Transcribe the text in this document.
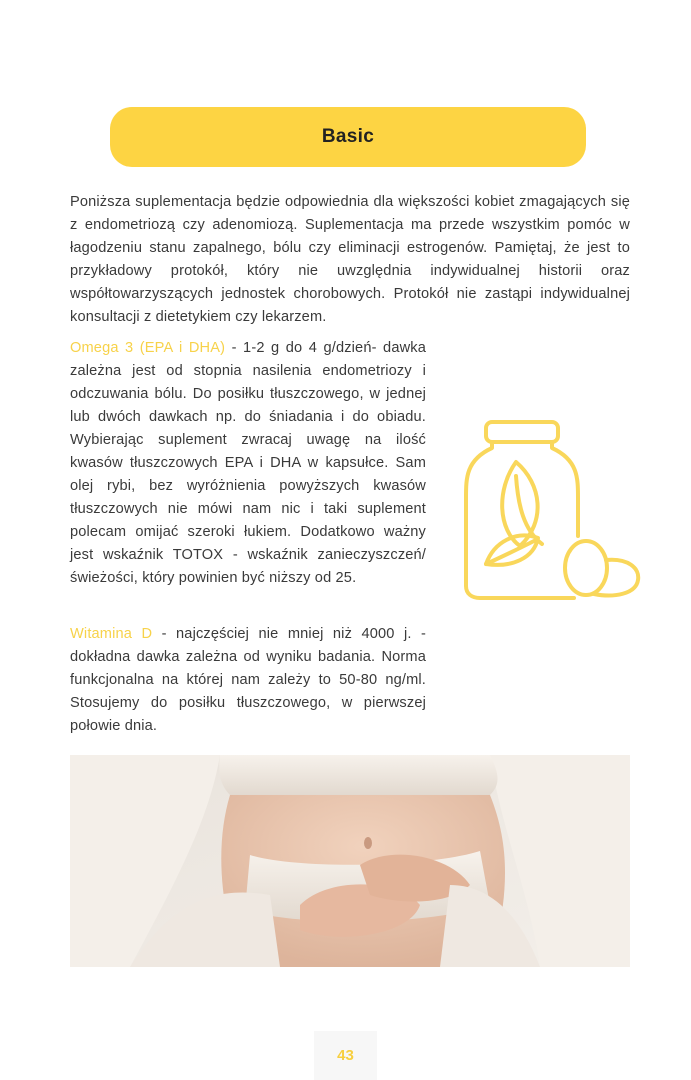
Basic

Poniższa suplementacja będzie odpowiednia dla większości kobiet zmagających się z endometriozą czy adenomiozą. Suplementacja ma przede wszystkim pomóc w łagodzeniu stanu zapalnego, bólu czy eliminacji estrogenów. Pamiętaj, że jest to przykładowy protokół, który nie uwzględnia indywidualnej historii oraz współtowarzyszących jednostek chorobowych. Protokół nie zastąpi indywidualnej konsultacji z dietetykiem czy lekarzem.

Omega 3 (EPA i DHA) - 1-2 g do 4 g/dzień- dawka zależna jest od stopnia nasilenia endometriozy i odczuwania bólu. Do posiłku tłuszczowego, w jednej lub dwóch dawkach np. do śniadania i do obiadu. Wybierając suplement zwracaj uwagę na ilość kwasów tłuszczowych EPA i DHA w kapsułce. Sam olej rybi, bez wyróżnienia powyższych kwasów tłuszczowych nie mówi nam nic i taki suplement polecam omijać szeroki łukiem. Dodatkowo ważny jest wskaźnik TOTOX - wskaźnik zanieczyszczeń/świeżości, który powinien być niższy od 25.

Witamina D - najczęściej nie mniej niż 4000 j. - dokładna dawka zależna od wyniku badania. Norma funkcjonalna na której nam zależy to 50-80 ng/ml. Stosujemy do posiłku tłuszczowego, w pierwszej połowie dnia.

43
